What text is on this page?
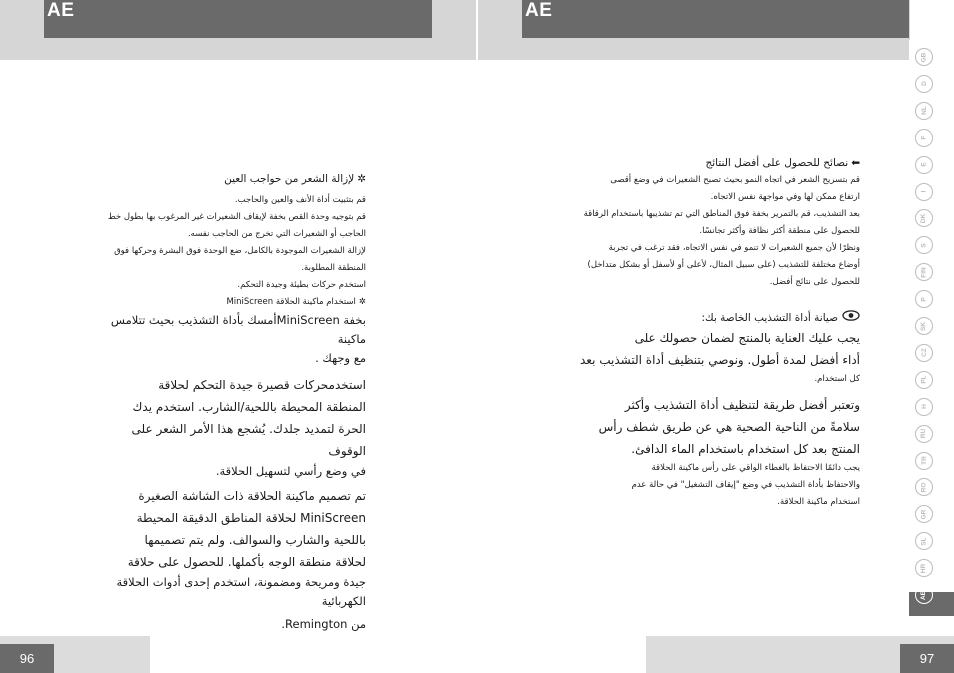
AE	AE

✲لإزالة الشعر من حواجب العين

قم بتثبيت أداة الأنف والعين والحاجب.

قم بتوجيه وحدة القص بخفة لإيقاف الشعيرات غير المرغوب بها بطول خط

الحاجب أو الشعيرات التي تخرج من الحاجب نفسه.

لإزالة الشعيرات الموجودة بالكامل، ضع الوحدة فوق البشرة وحركها فوق

المنطقة المطلوبة.

استخدم حركات بطيئة وجيدة التحكم.

✲استخدام ماكينة الحلاقة MiniScreen

بخفة MiniScreenأمسك بأداة التشذيب بحيث تتلامس ماكينة

مع وجهك .

استخدمحركات قصيرة جيدة التحكم لحلاقة

المنطقة المحيطة باللحية/الشارب. استخدم يدك

الحرة لتمديد جلدك. يُشجع هذا الأمر الشعر على الوقوف

في وضع رأسي لتسهيل الحلاقة.

تم تصميم ماكينة الحلاقة ذات الشاشة الصغيرة

MiniScreen لحلاقة المناطق الدقيقة المحيطة

باللحية والشارب والسوالف. ولم يتم تصميمها

لحلاقة منطقة الوجه بأكملها. للحصول على حلاقة

جيدة ومريحة ومضمونة، استخدم إحدى أدوات الحلاقة الكهربائية

من Remington.

⬅نصائح للحصول على أفضل النتائج

قم بتسريح الشعر في اتجاه النمو بحيث تصبح الشعيرات في وضع أقصى

ارتفاع ممكن لها وفي مواجهة نفس الاتجاه.

بعد التشذيب، قم بالتمرير بخفة فوق المناطق التي تم تشذيبها باستخدام الرقاقة

للحصول على منطقة أكثر نظافة وأكثر تجانسًا.

ونظرًا لأن جميع الشعيرات لا تنمو في نفس الاتجاه، فقد ترغب في تجربة

أوضاع مختلفة للتشذيب (على سبيل المثال، لأعلى أو لأسفل أو بشكل متداخل)

للحصول على نتائج أفضل.

صيانة أداة التشذيب الخاصة بك:

يجب عليك العناية بالمنتج لضمان حصولك على

أداء أفضل لمدة أطول. ونوصي بتنظيف أداة التشذيب بعد

كل استخدام.

وتعتبر أفضل طريقة لتنظيف أداة التشذيب وأكثر

سلامةً من الناحية الصحية هي عن طريق شطف رأس

المنتج بعد كل استخدام باستخدام الماء الدافئ.

يجب دائمًا الاحتفاظ بالغطاء الواقي على رأس ماكينة الحلاقة

والاحتفاظ بأداة التشذيب في وضع "إيقاف التشغيل" في حالة عدم

استخدام ماكينة الحلاقة.

GB
D
NL
F
E
I
DK
S
FIN
P
SK
CZ
PL
H
RU
TR
RO
GR
SL
HR
AE
96	97
